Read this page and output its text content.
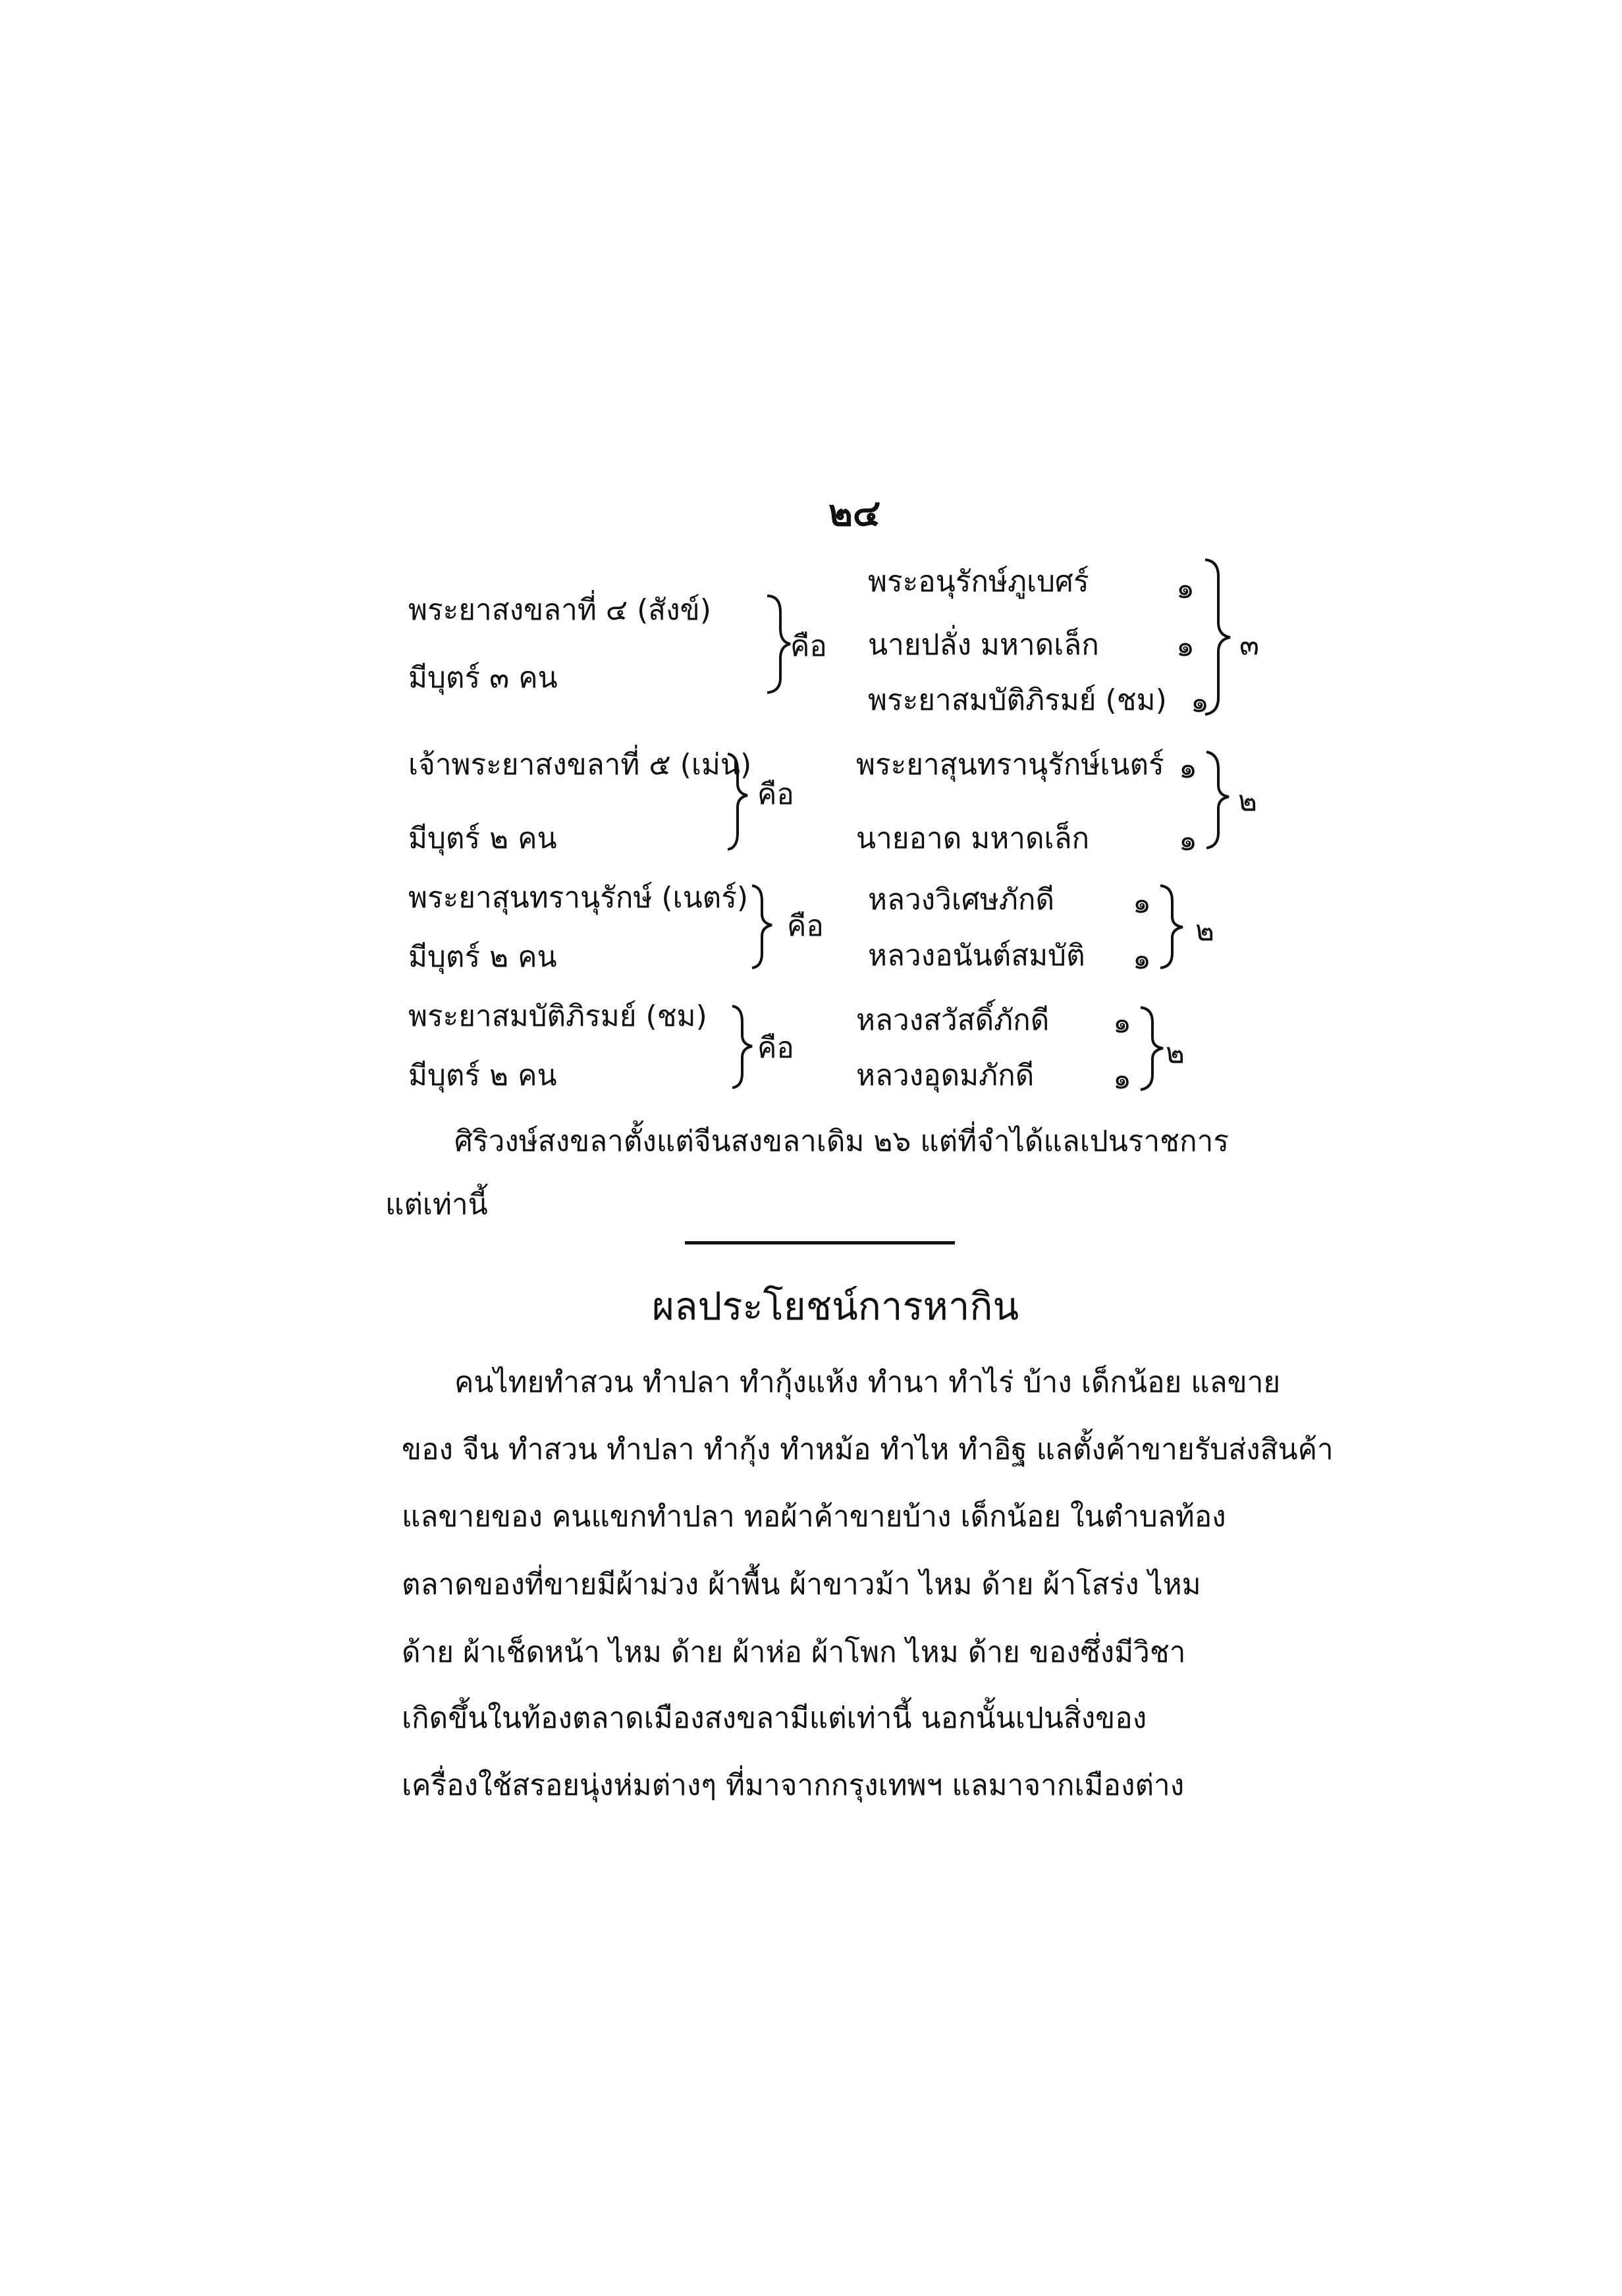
๒๔
พระยาสงขลาที่ ๔ (สังข์)
มีบุตร์ ๓ คน
คือ
พระอนุรักษ์ภูเบศร์
นายปลั่ง มหาดเล็ก
พระยาสมบัติภิรมย์ (ชม)
๑
๑
๑
๓
เจ้าพระยาสงขลาที่ ๕ (เม่น)
มีบุตร์ ๒ คน
คือ
พระยาสุนทรานุรักษ์เนตร์
นายอาด มหาดเล็ก
๑
๑
๒
พระยาสุนทรานุรักษ์ (เนตร์)
มีบุตร์ ๒ คน
คือ
หลวงวิเศษภักดี
หลวงอนันต์สมบัติ
๑
๑
๒
พระยาสมบัติภิรมย์ (ชม)
มีบุตร์ ๒ คน
คือ
หลวงสวัสดิ์ภักดี
หลวงอุดมภักดี
๑
๑
๒
ศิริวงษ์สงขลาตั้งแต่จีนสงขลาเดิม ๒๖ แต่ที่จำได้แลเปนราชการ
แต่เท่านี้
ผลประโยชน์การหากิน
คนไทยทำสวน ทำปลา ทำกุ้งแห้ง ทำนา ทำไร่ บ้าง เด็กน้อย แลขาย
ของ จีน ทำสวน ทำปลา ทำกุ้ง ทำหม้อ ทำไห ทำอิฐ แลตั้งค้าขายรับส่งสินค้า
แลขายของ คนแขกทำปลา ทอผ้าค้าขายบ้าง เด็กน้อย ในตำบลท้อง
ตลาดของที่ขายมีผ้าม่วง ผ้าพื้น ผ้าขาวม้า ไหม ด้าย ผ้าโสร่ง ไหม
ด้าย ผ้าเช็ดหน้า ไหม ด้าย ผ้าห่อ ผ้าโพก ไหม ด้าย ของซึ่งมีวิชา
เกิดขึ้นในท้องตลาดเมืองสงขลามีแต่เท่านี้ นอกนั้นเปนสิ่งของ
เครื่องใช้สรอยนุ่งห่มต่างๆ ที่มาจากกรุงเทพฯ แลมาจากเมืองต่าง
